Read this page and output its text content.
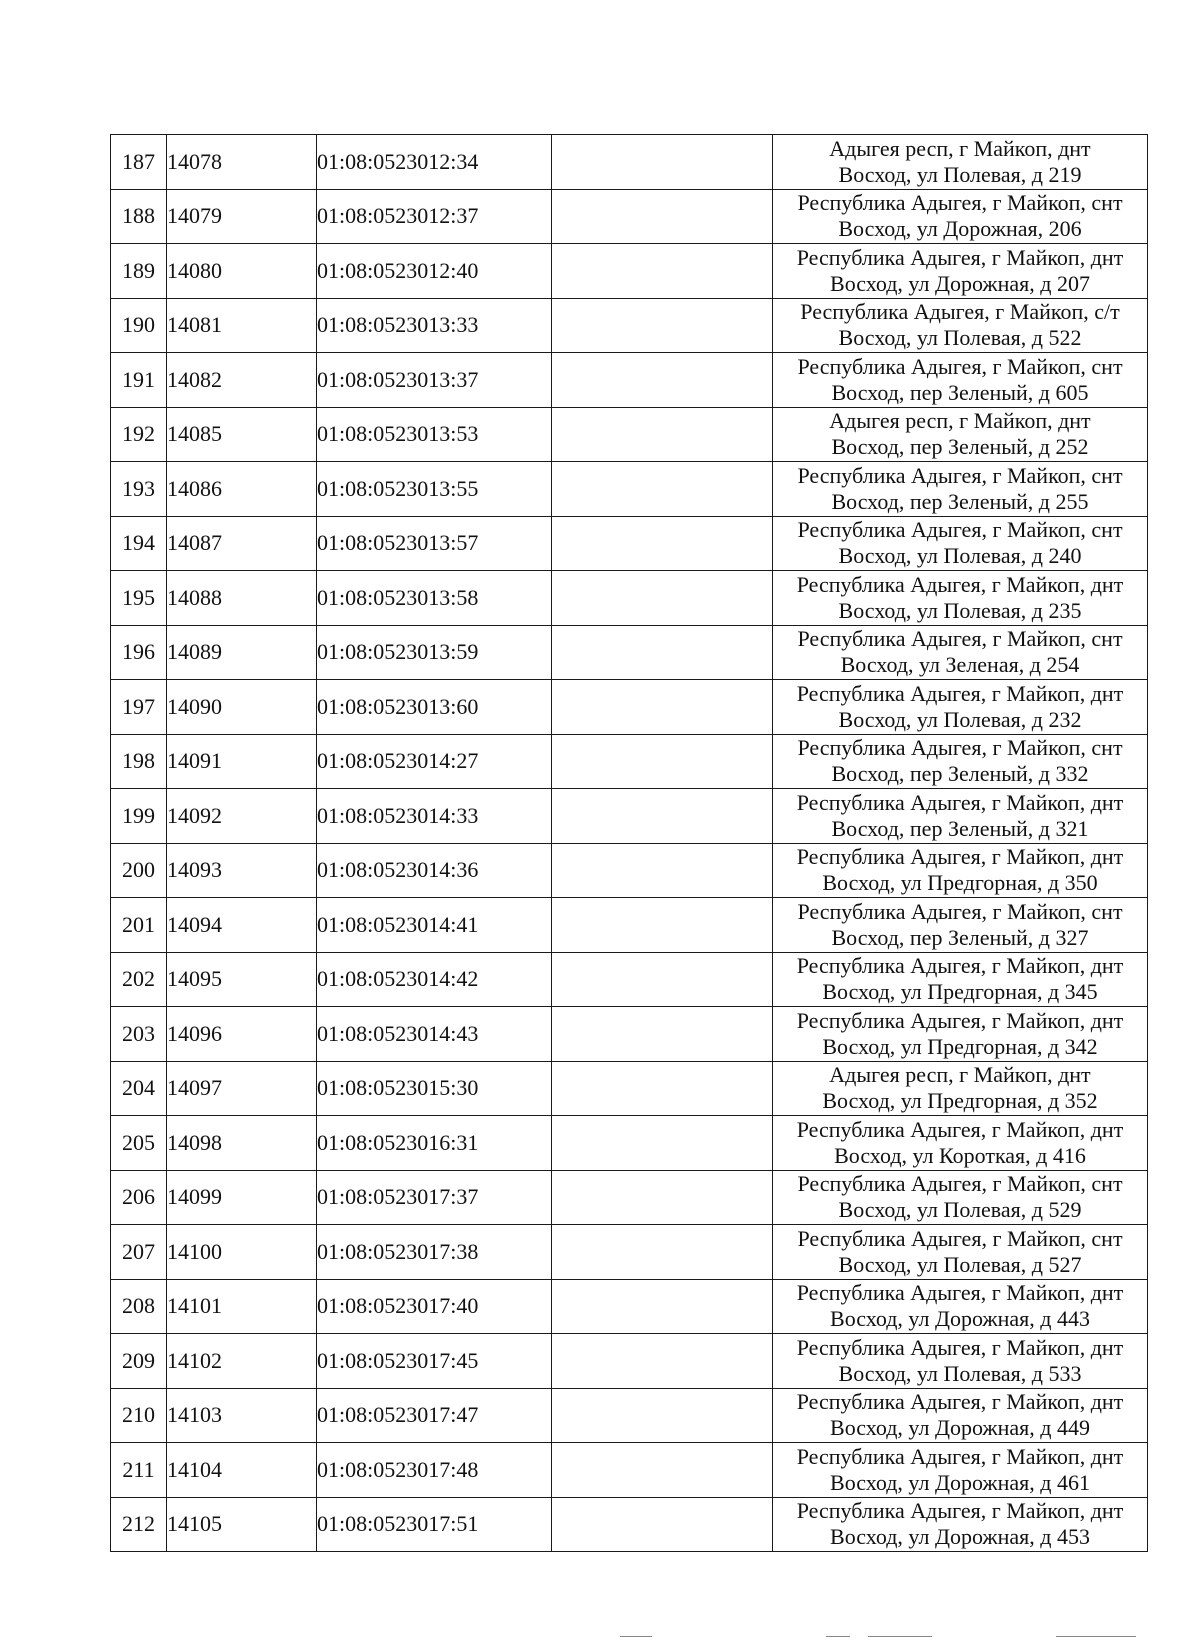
187	14078	01:08:0523012:34		Адыгея респ, г Майкоп, днт
Восход, ул Полевая, д 219

188	14079	01:08:0523012:37		Республика Адыгея, г Майкоп, снт
Восход, ул Дорожная, 206

189	14080	01:08:0523012:40		Республика Адыгея, г Майкоп, днт
Восход, ул Дорожная, д 207

190	14081	01:08:0523013:33		Республика Адыгея, г Майкоп, с/т
Восход, ул Полевая, д 522

191	14082	01:08:0523013:37		Республика Адыгея, г Майкоп, снт
Восход, пер Зеленый, д 605

192	14085	01:08:0523013:53		Адыгея респ, г Майкоп, днт
Восход, пер Зеленый, д 252

193	14086	01:08:0523013:55		Республика Адыгея, г Майкоп, снт
Восход, пер Зеленый, д 255

194	14087	01:08:0523013:57		Республика Адыгея, г Майкоп, снт
Восход, ул Полевая, д 240

195	14088	01:08:0523013:58		Республика Адыгея, г Майкоп, днт
Восход, ул Полевая, д 235

196	14089	01:08:0523013:59		Республика Адыгея, г Майкоп, снт
Восход, ул Зеленая, д 254

197	14090	01:08:0523013:60		Республика Адыгея, г Майкоп, днт
Восход, ул Полевая, д 232

198	14091	01:08:0523014:27		Республика Адыгея, г Майкоп, снт
Восход, пер Зеленый, д 332

199	14092	01:08:0523014:33		Республика Адыгея, г Майкоп, днт
Восход, пер Зеленый, д 321

200	14093	01:08:0523014:36		Республика Адыгея, г Майкоп, днт
Восход, ул Предгорная, д 350

201	14094	01:08:0523014:41		Республика Адыгея, г Майкоп, снт
Восход, пер Зеленый, д 327

202	14095	01:08:0523014:42		Республика Адыгея, г Майкоп, днт
Восход, ул Предгорная, д 345

203	14096	01:08:0523014:43		Республика Адыгея, г Майкоп, днт
Восход, ул Предгорная, д 342

204	14097	01:08:0523015:30		Адыгея респ, г Майкоп, днт
Восход, ул Предгорная, д 352

205	14098	01:08:0523016:31		Республика Адыгея, г Майкоп, днт
Восход, ул Короткая, д 416

206	14099	01:08:0523017:37		Республика Адыгея, г Майкоп, снт
Восход, ул Полевая, д 529

207	14100	01:08:0523017:38		Республика Адыгея, г Майкоп, снт
Восход, ул Полевая, д 527

208	14101	01:08:0523017:40		Республика Адыгея, г Майкоп, днт
Восход, ул Дорожная, д 443

209	14102	01:08:0523017:45		Республика Адыгея, г Майкоп, днт
Восход, ул Полевая, д 533

210	14103	01:08:0523017:47		Республика Адыгея, г Майкоп, днт
Восход, ул Дорожная, д 449

211	14104	01:08:0523017:48		Республика Адыгея, г Майкоп, днт
Восход, ул Дорожная, д 461

212	14105	01:08:0523017:51		Республика Адыгея, г Майкоп, днт
Восход, ул Дорожная, д 453
